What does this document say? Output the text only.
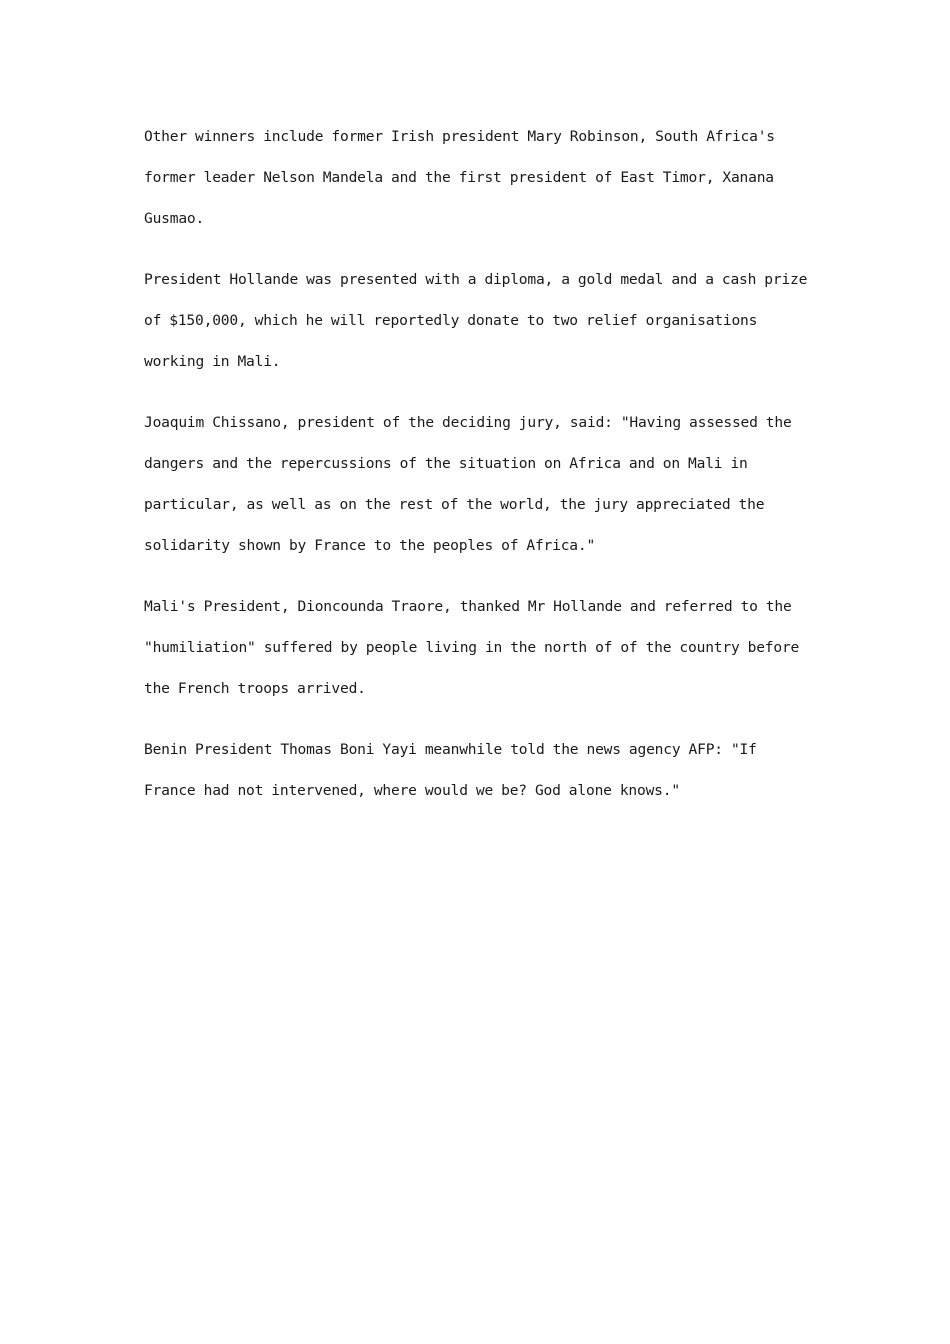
Other winners include former Irish president Mary Robinson, South Africa's former leader Nelson Mandela and the first president of East Timor, Xanana Gusmao.

President Hollande was presented with a diploma, a gold medal and a cash prize of $150,000, which he will reportedly donate to two relief organisations working in Mali.

Joaquim Chissano, president of the deciding jury, said: "Having assessed the dangers and the repercussions of the situation on Africa and on Mali in particular, as well as on the rest of the world, the jury appreciated the solidarity shown by France to the peoples of Africa."

Mali's President, Dioncounda Traore, thanked Mr Hollande and referred to the "humiliation" suffered by people living in the north of of the country before the French troops arrived.

Benin President Thomas Boni Yayi meanwhile told the news agency AFP: "If France had not intervened, where would we be? God alone knows."
